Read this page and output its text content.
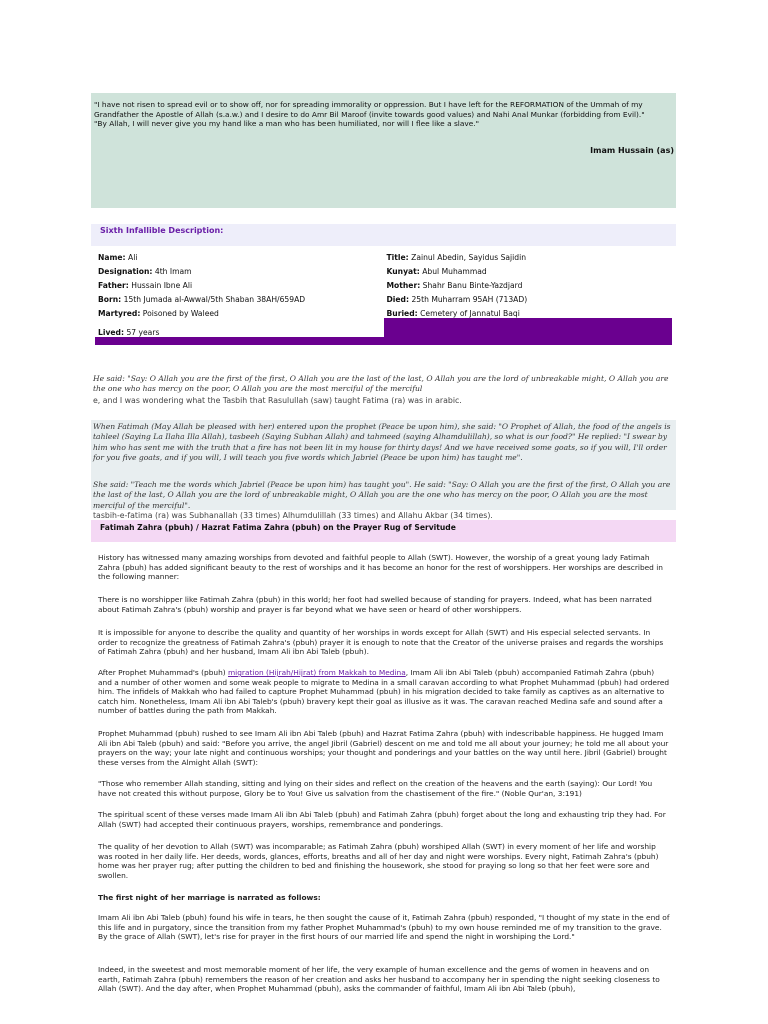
"I have not risen to spread evil or to show off, nor for spreading immorality or oppression. But I have left for the REFORMATION of the Ummah of my Grandfather the Apostle of Allah (s.a.w.) and I desire to do Amr Bil Maroof (invite towards good values) and Nahi Anal Munkar (forbidding from Evil)."
"By Allah, I will never give you my hand like a man who has been humiliated, nor will I flee like a slave."
Imam Hussain (as)
Sixth Infallible Description:
Name: Ali	Title: Zainul Abedin, Sayidus Sajidin
Designation: 4th Imam	Kunyat: Abul Muhammad
Father: Hussain Ibne Ali	Mother: Shahr Banu Binte-Yazdjard
Born: 15th Jumada al-Awwal/5th Shaban 38AH/659AD	Died: 25th Muharram 95AH (713AD)
Martyred: Poisoned by Waleed	Buried: Cemetery of Jannatul Baqi
Lived: 57 years
He said: "Say: O Allah you are the first of the first, O Allah you are the last of the last, O Allah you are the lord of unbreakable might, O Allah you are the one who has mercy on the poor, O Allah you are the most merciful of the merciful
e, and I was wondering what the Tasbih that Rasulullah (saw) taught Fatima (ra) was in arabic.
When Fatimah (May Allah be pleased with her) entered upon the prophet (Peace be upon him), she said: "O Prophet of Allah, the food of the angels is tahleel (Saying La Ilaha Illa Allah), tasbeeh (Saying Subhan Allah) and tahmeed (saying Alhamdulillah), so what is our food?" He replied: "I swear by him who has sent me with the truth that a fire has not been lit in my house for thirty days! And we have received some goats, so if you will, I'll order for you five goats, and if you will, I will teach you five words which Jabriel (Peace be upon him) has taught me".
She said: "Teach me the words which Jabriel (Peace be upon him) has taught you". He said: "Say: O Allah you are the first of the first, O Allah you are the last of the last, O Allah you are the lord of unbreakable might, O Allah you are the one who has mercy on the poor, O Allah you are the most merciful of the merciful".
tasbih-e-fatima (ra) was Subhanallah (33 times) Alhumdulillah (33 times) and Allahu Akbar (34 times).
Fatimah Zahra (pbuh) / Hazrat Fatima Zahra (pbuh) on the Prayer Rug of Servitude
History has witnessed many amazing worships from devoted and faithful people to Allah (SWT). However, the worship of a great young lady Fatimah Zahra (pbuh) has added significant beauty to the rest of worships and it has become an honor for the rest of worshippers. Her worships are described in the following manner:
There is no worshipper like Fatimah Zahra (pbuh) in this world; her foot had swelled because of standing for prayers. Indeed, what has been narrated about Fatimah Zahra's (pbuh) worship and prayer is far beyond what we have seen or heard of other worshippers.
It is impossible for anyone to describe the quality and quantity of her worships in words except for Allah (SWT) and His especial selected servants. In order to recognize the greatness of Fatimah Zahra's (pbuh) prayer it is enough to note that the Creator of the universe praises and regards the worships of Fatimah Zahra (pbuh) and her husband, Imam Ali ibn Abi Taleb (pbuh).
After Prophet Muhammad's (pbuh) migration (Hijrah/Hijrat) from Makkah to Medina, Imam Ali ibn Abi Taleb (pbuh) accompanied Fatimah Zahra (pbuh) and a number of other women and some weak people to migrate to Medina in a small caravan according to what Prophet Muhammad (pbuh) had ordered him. The infidels of Makkah who had failed to capture Prophet Muhammad (pbuh) in his migration decided to take family as captives as an alternative to catch him. Nonetheless, Imam Ali ibn Abi Taleb's (pbuh) bravery kept their goal as illusive as it was. The caravan reached Medina safe and sound after a number of battles during the path from Makkah.
Prophet Muhammad (pbuh) rushed to see Imam Ali ibn Abi Taleb (pbuh) and Hazrat Fatima Zahra (pbuh) with indescribable happiness. He hugged Imam Ali ibn Abi Taleb (pbuh) and said: "Before you arrive, the angel Jibril (Gabriel) descent on me and told me all about your journey; he told me all about your prayers on the way; your late night and continuous worships; your thought and ponderings and your battles on the way until here. Jibril (Gabriel) brought these verses from the Almight Allah (SWT):
"Those who remember Allah standing, sitting and lying on their sides and reflect on the creation of the heavens and the earth (saying): Our Lord! You have not created this without purpose, Glory be to You! Give us salvation from the chastisement of the fire." (Noble Qur'an, 3:191)
The spiritual scent of these verses made Imam Ali ibn Abi Taleb (pbuh) and Fatimah Zahra (pbuh) forget about the long and exhausting trip they had. For Allah (SWT) had accepted their continuous prayers, worships, remembrance and ponderings.
The quality of her devotion to Allah (SWT) was incomparable; as Fatimah Zahra (pbuh) worshiped Allah (SWT) in every moment of her life and worship was rooted in her daily life. Her deeds, words, glances, efforts, breaths and all of her day and night were worships. Every night, Fatimah Zahra's (pbuh) home was her prayer rug; after putting the children to bed and finishing the housework, she stood for praying so long so that her feet were sore and swollen.
The first night of her marriage is narrated as follows:
Imam Ali ibn Abi Taleb (pbuh) found his wife in tears, he then sought the cause of it, Fatimah Zahra (pbuh) responded, "I thought of my state in the end of this life and in purgatory, since the transition from my father Prophet Muhammad's (pbuh) to my own house reminded me of my transition to the grave. By the grace of Allah (SWT), let's rise for prayer in the first hours of our married life and spend the night in worshiping the Lord."
Indeed, in the sweetest and most memorable moment of her life, the very example of human excellence and the gems of women in heavens and on earth, Fatimah Zahra (pbuh) remembers the reason of her creation and asks her husband to accompany her in spending the night seeking closeness to Allah (SWT). And the day after, when Prophet Muhammad (pbuh), asks the commander of faithful, Imam Ali ibn Abi Taleb (pbuh),
